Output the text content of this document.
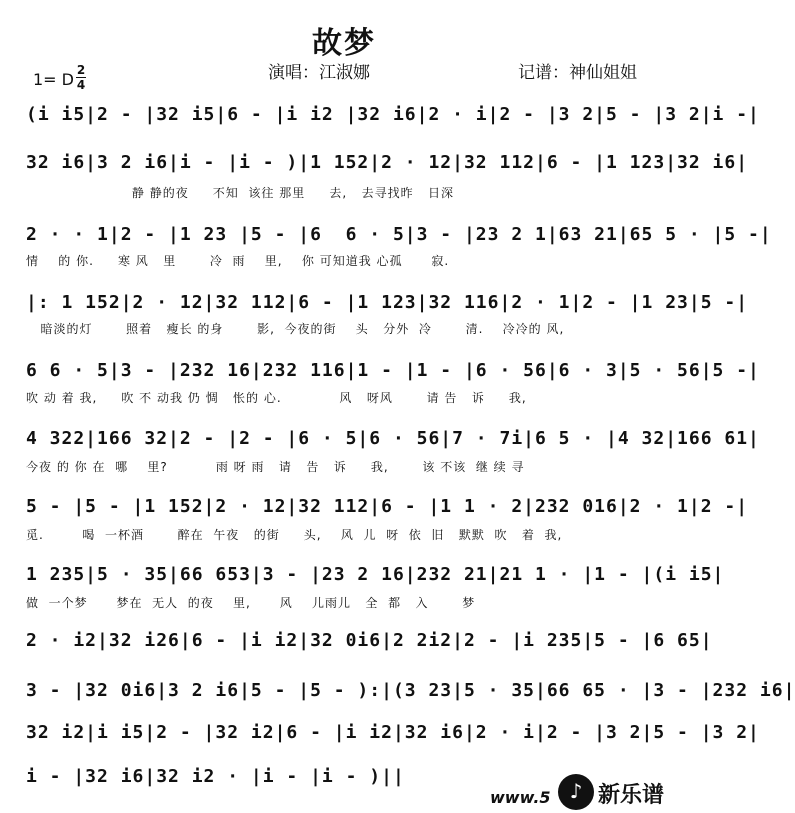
故梦
演唱：江淑娜	记谱：神仙姐姐
1= D 2
4
(i i5|2 - |32 i5|6 - |i i2 |32 i6|2 · i|2 - |3 2|5 - |3 2|i -|
32 i6|3 2 i6|i - |i - )|1 152|2 · 12|32 112|6 - |1 123|32 i6|
静 静的夜     不知  该往 那里     去,   去寻找昨   日深
2 · · 1|2 - |1 23 |5 - |6  6 · 5|3 - |23 2 1|63 21|65 5 · |5 -|
情    的 你.     寒 风   里       冷  雨    里,    你 可知道我 心孤      寂.
|: 1 152|2 · 12|32 112|6 - |1 123|32 116|2 · 1|2 - |1 23|5 -|
暗淡的灯       照着   瘦长 的身       影,  今夜的街    头   分外  冷       清.    冷冷的 风,
6 6 · 5|3 - |232 16|232 116|1 - |1 - |6 · 56|6 · 3|5 · 56|5 -|
吹 动 着 我,     吹 不 动我 仍 惆   怅的 心.            风   呀风       请 告   诉     我,
4 322|166 32|2 - |2 - |6 · 5|6 · 56|7 · 7i|6 5 · |4 32|166 61|
今夜 的 你 在  哪    里?          雨 呀 雨   请   告   诉     我,       该 不该  继 续 寻
5 - |5 - |1 152|2 · 12|32 112|6 - |1 1 · 2|232 016|2 · 1|2 -|
觅.        喝  一杯酒       醉在  午夜   的街     头,    风  儿  呀  依  旧   默默  吹   着  我,
1 235|5 · 35|66 653|3 - |23 2 16|232 21|21 1 · |1 - |(i i5|
做  一个梦      梦在  无人  的夜    里,      风    儿雨儿   全  都   入       梦
2 · i2|32 i26|6 - |i i2|32 0i6|2 2i2|2 - |i 235|5 - |6 65|
3 - |32 0i6|3 2 i6|5 - |5 - ):|(3 23|5 · 35|66 65 · |3 - |232 i6|
32 i2|i i5|2 - |32 i2|6 - |i i2|32 i6|2 · i|2 - |3 2|5 - |3 2|
i - |32 i6|32 i2 · |i - |i - )||
www.5 ♪ 新乐谱
